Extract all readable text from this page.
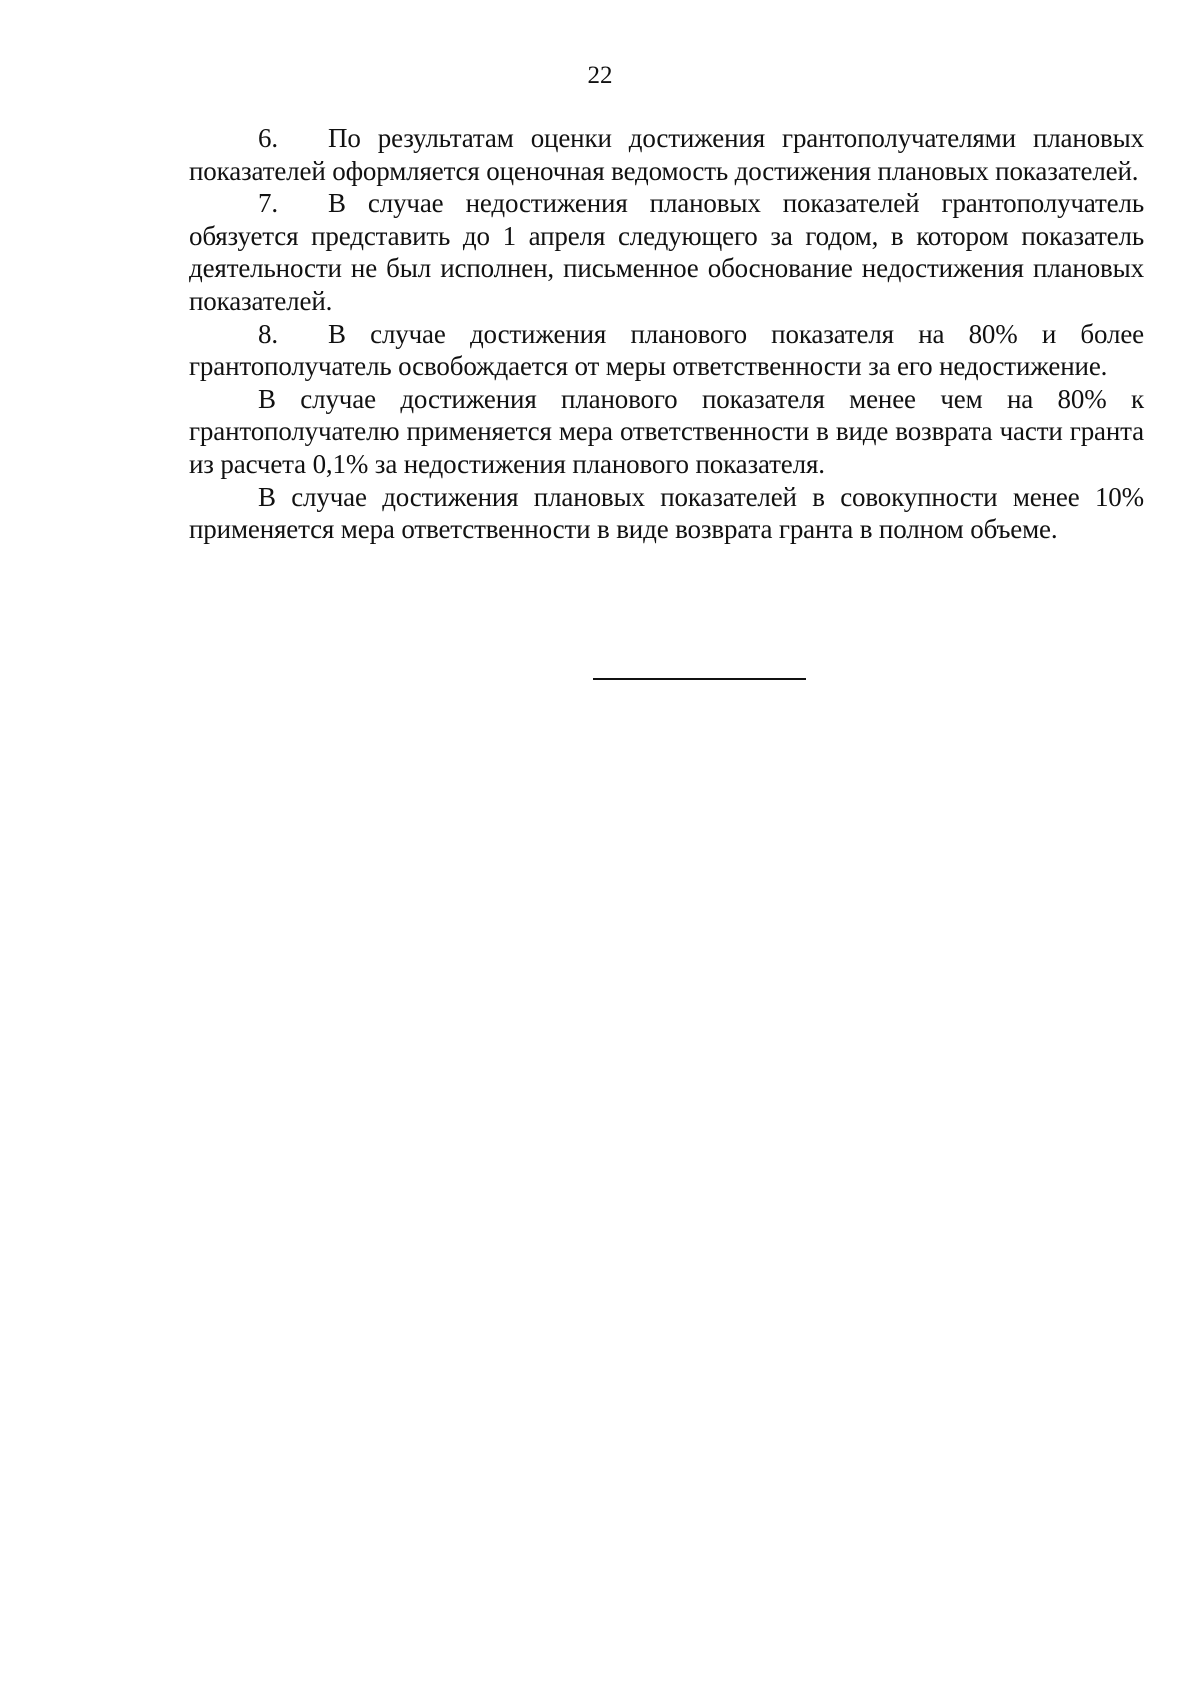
22

6. По результатам оценки достижения грантополучателями плановых показателей оформляется оценочная ведомость достижения плановых показателей.

7. В случае недостижения плановых показателей грантополучатель обязуется представить до 1 апреля следующего за годом, в котором показатель деятельности не был исполнен, письменное обоснование недостижения плановых показателей.

8. В случае достижения планового показателя на 80% и более грантополучатель освобождается от меры ответственности за его недостижение.

В случае достижения планового показателя менее чем на 80% к грантополучателю применяется мера ответственности в виде возврата части гранта из расчета 0,1% за недостижения планового показателя.

В случае достижения плановых показателей в совокупности менее 10% применяется мера ответственности в виде возврата гранта в полном объеме.
